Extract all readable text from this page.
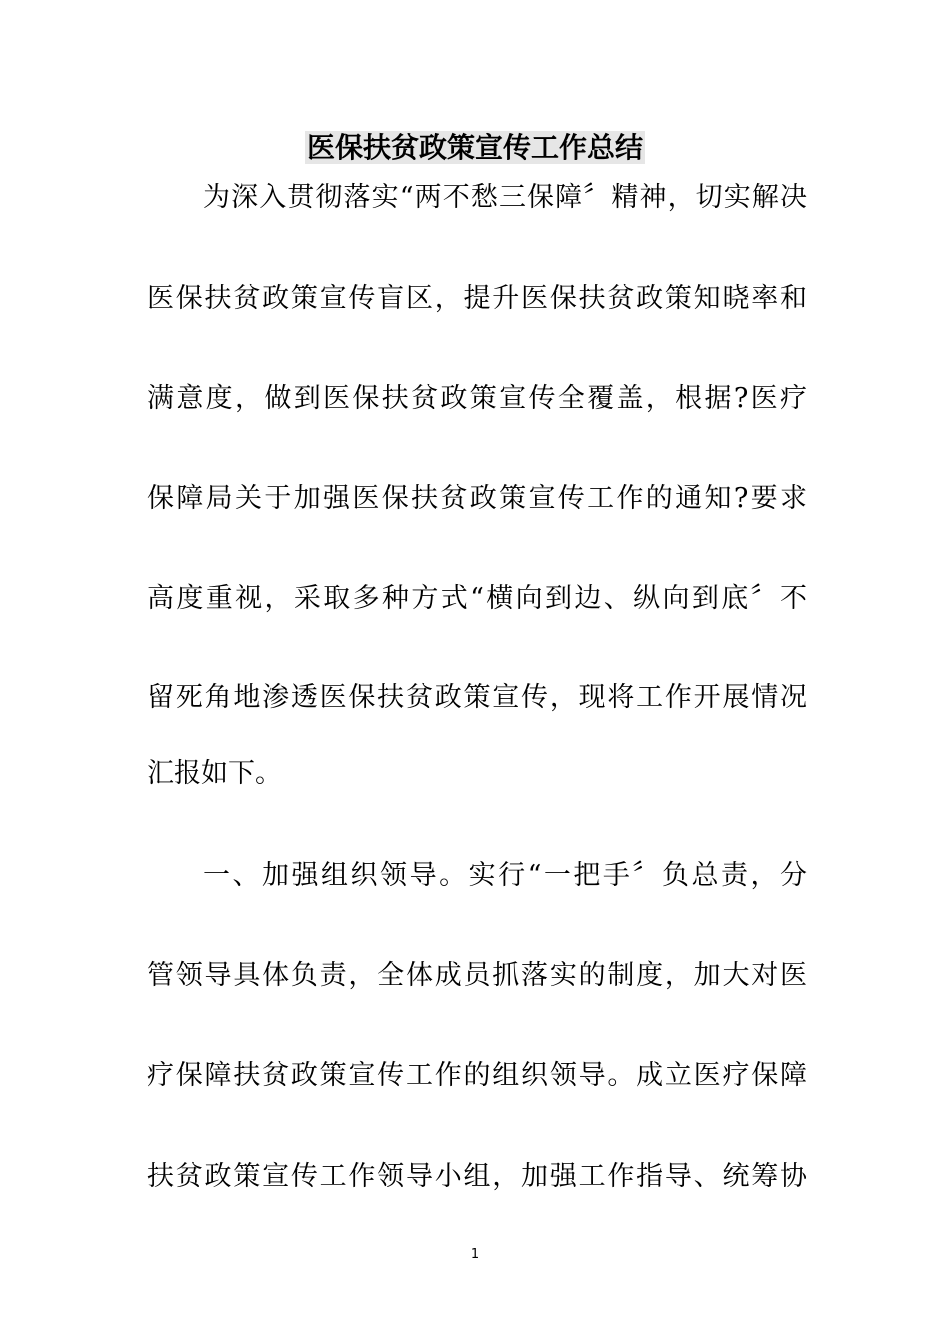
医保扶贫政策宣传工作总结
为深入贯彻落实“两不愁三保障〞精神，切实解决
医保扶贫政策宣传盲区，提升医保扶贫政策知晓率和
满意度，做到医保扶贫政策宣传全覆盖，根据?医疗
保障局关于加强医保扶贫政策宣传工作的通知?要求
高度重视，采取多种方式“横向到边、纵向到底〞不
留死角地渗透医保扶贫政策宣传，现将工作开展情况
汇报如下。
一、加强组织领导。实行“一把手〞负总责，分
管领导具体负责，全体成员抓落实的制度，加大对医
疗保障扶贫政策宣传工作的组织领导。成立医疗保障
扶贫政策宣传工作领导小组，加强工作指导、统筹协
1
